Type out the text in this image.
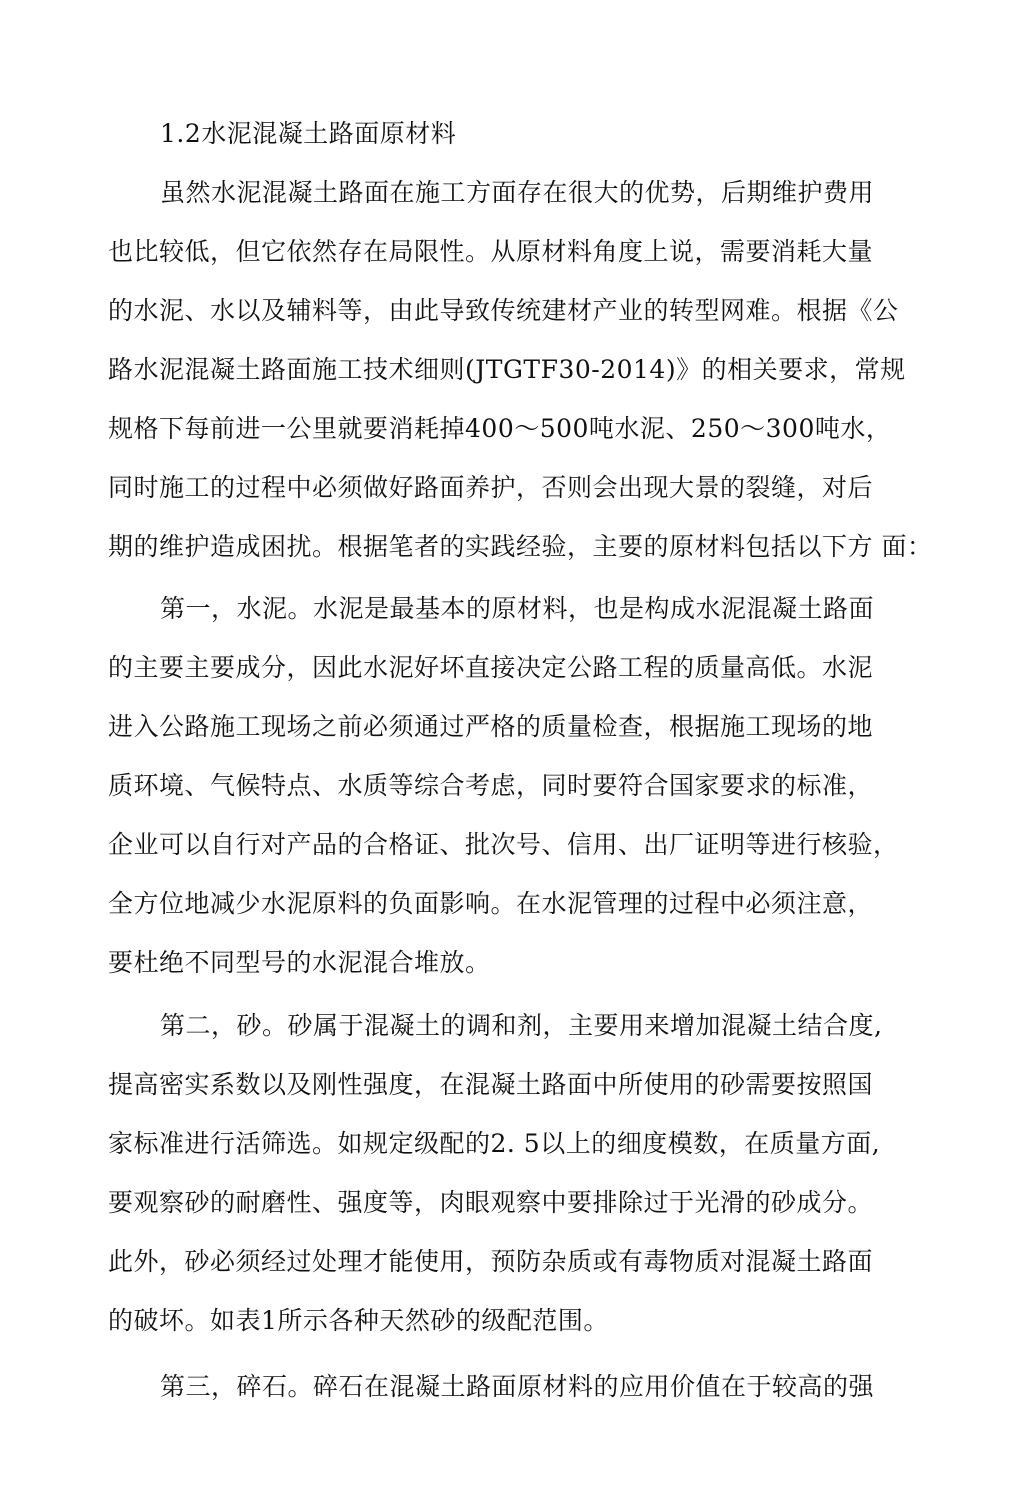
1.2水泥混凝土路面原材料
虽然水泥混凝土路面在施工方面存在很大的优势，后期维护费用
也比较低，但它依然存在局限性。从原材料角度上说，需要消耗大量
的水泥、水以及辅料等，由此导致传统建材产业的转型网难。根据《公
路水泥混凝土路面施工技术细则(JTGTF30-2014)》的相关要求，常规
规格下每前进一公里就要消耗掉400～500吨水泥、250～300吨水，
同时施工的过程中必须做好路面养护，否则会出现大景的裂缝，对后
期的维护造成困扰。根据笔者的实践经验，主要的原材料包括以下方 面：
第一，水泥。水泥是最基本的原材料，也是构成水泥混凝土路面
的主要主要成分，因此水泥好坏直接决定公路工程的质量高低。水泥
进入公路施工现场之前必须通过严格的质量检查，根据施工现场的地
质环境、气候特点、水质等综合考虑，同时要符合国家要求的标准，
企业可以自行对产品的合格证、批次号、信用、出厂证明等进行核验，
全方位地减少水泥原料的负面影响。在水泥管理的过程中必须注意，
要杜绝不同型号的水泥混合堆放。
第二，砂。砂属于混凝土的调和剂，主要用来增加混凝土结合度,
提高密实系数以及刚性强度，在混凝土路面中所使用的砂需要按照国
家标准进行活筛选。如规定级配的2. 5以上的细度模数，在质量方面,
要观察砂的耐磨性、强度等，肉眼观察中要排除过于光滑的砂成分。
此外，砂必须经过处理才能使用，预防杂质或有毒物质对混凝土路面
的破坏。如表1所示各种天然砂的级配范围。
第三，碎石。碎石在混凝土路面原材料的应用价值在于较高的强
